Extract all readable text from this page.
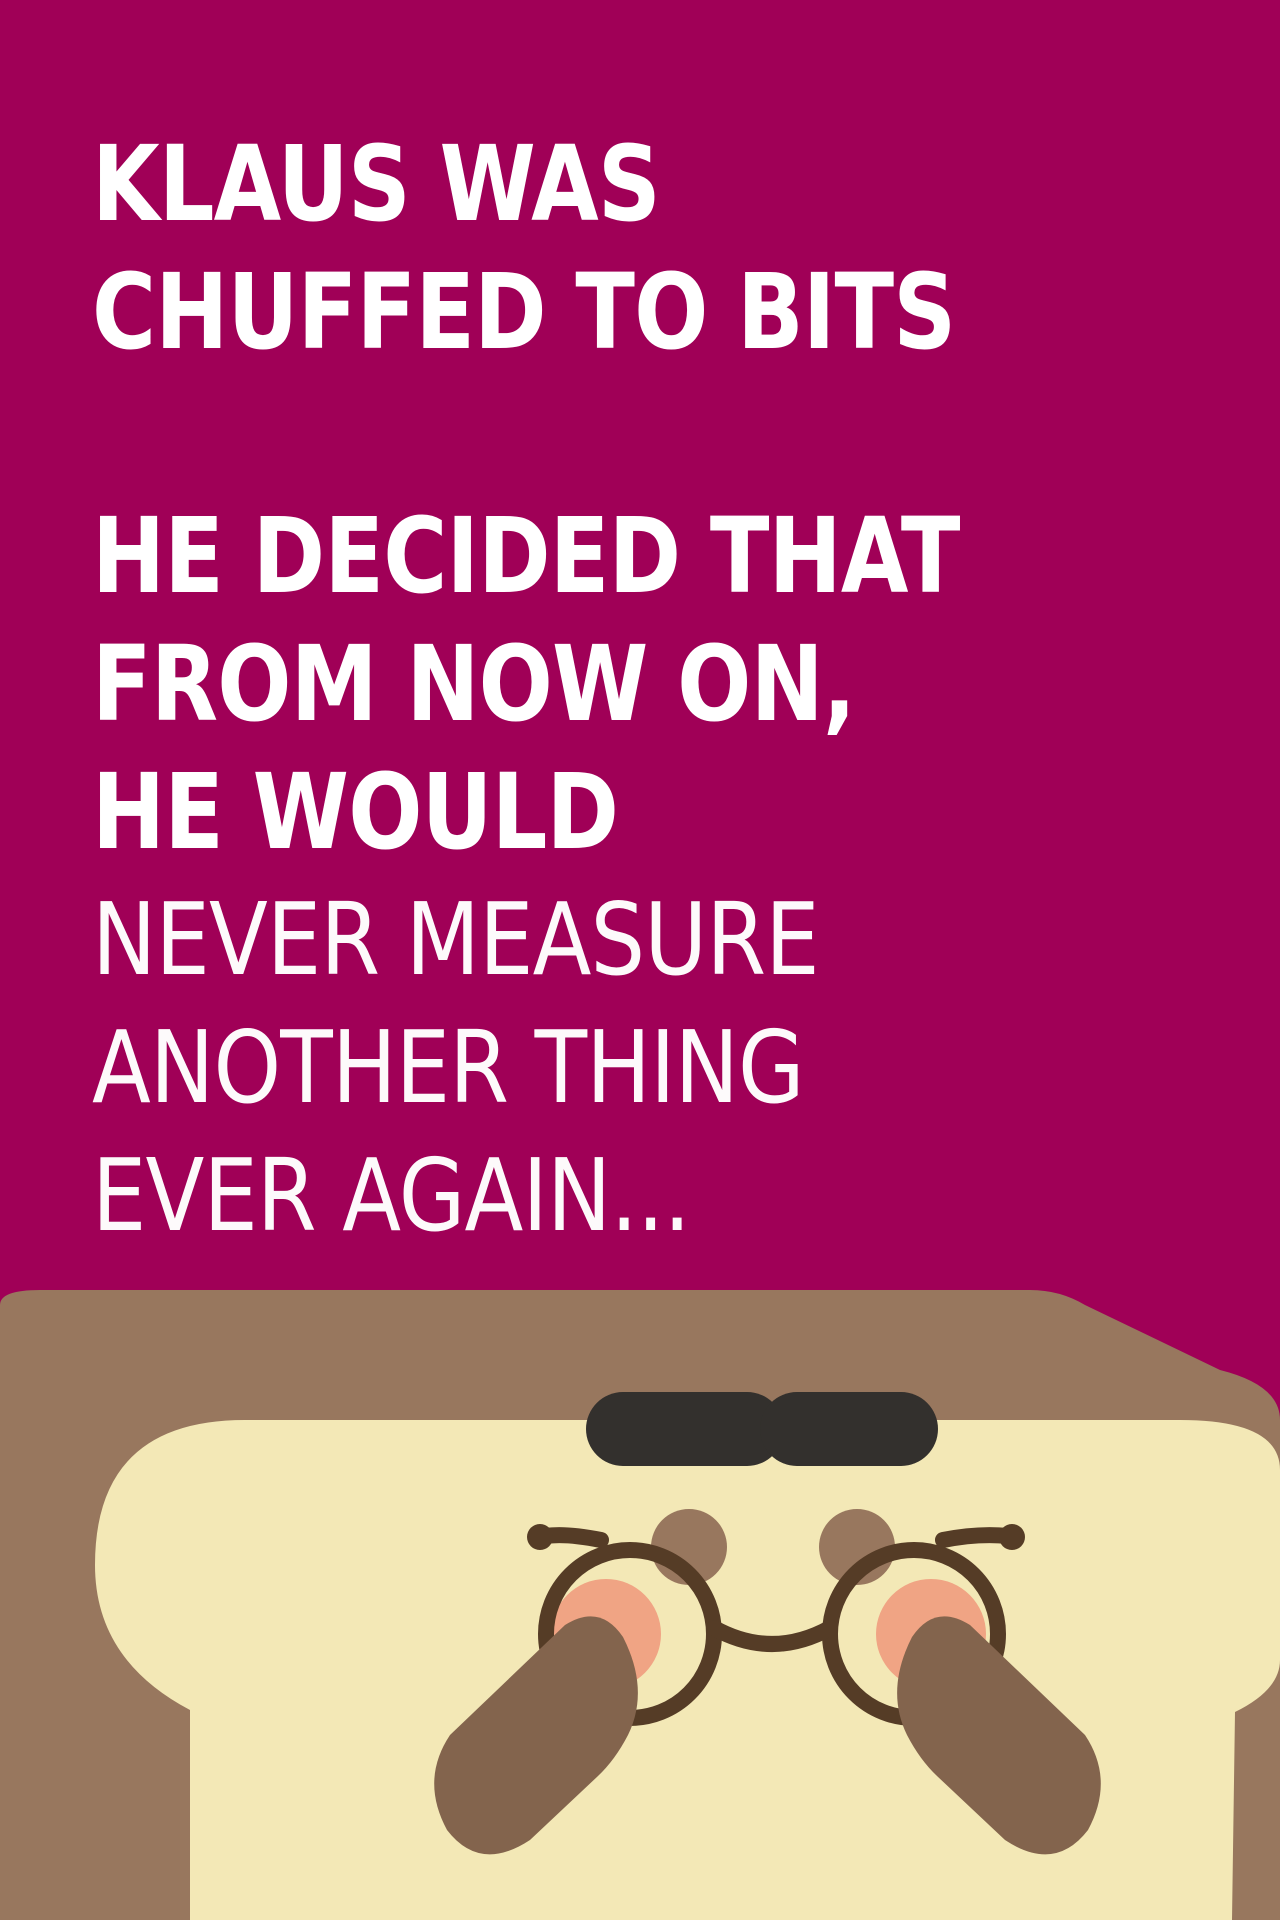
KLAUS WAS
CHUFFED TO BITS
HE DECIDED THAT
FROM NOW ON,
HE WOULD
NEVER MEASURE
ANOTHER THING
EVER AGAIN...
